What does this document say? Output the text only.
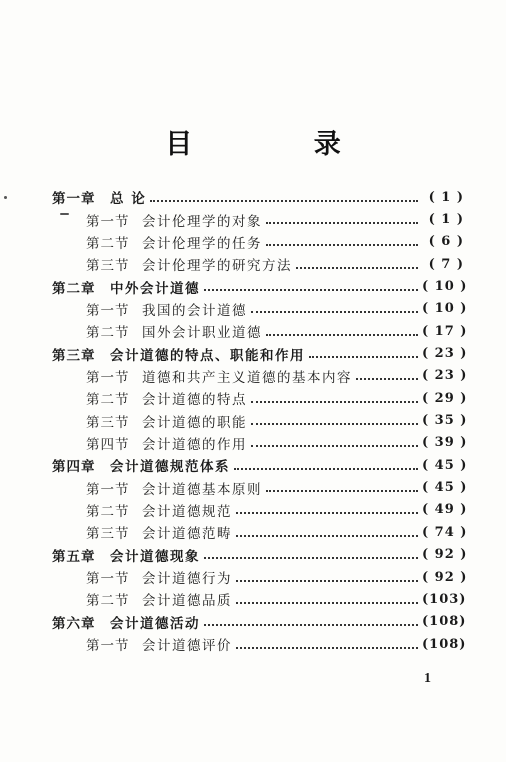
目 录
第一章	总 论	( 1 )
第一节 会计伦理学的对象	( 1 )
第二节 会计伦理学的任务	( 6 )
第三节 会计伦理学的研究方法	( 7 )
第二章	中外会计道德	( 10 )
第一节 我国的会计道德	( 10 )
第二节 国外会计职业道德	( 17 )
第三章	会计道德的特点、职能和作用	( 23 )
第一节 道德和共产主义道德的基本内容	( 23 )
第二节 会计道德的特点	( 29 )
第三节 会计道德的职能	( 35 )
第四节 会计道德的作用	( 39 )
第四章	会计道德规范体系	( 45 )
第一节 会计道德基本原则	( 45 )
第二节 会计道德规范	( 49 )
第三节 会计道德范畴	( 74 )
第五章	会计道德现象	( 92 )
第一节 会计道德行为	( 92 )
第二节 会计道德品质	(103)
第六章	会计道德活动	(108)
第一节 会计道德评价	(108)
1
